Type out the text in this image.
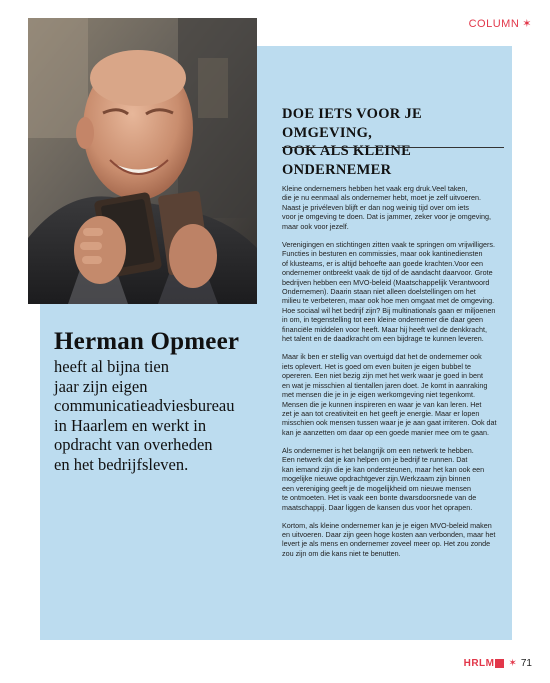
COLUMN ✶

Herman Opmeer

heeft al bijna tien
jaar zijn eigen
communicatieadviesbureau
in Haarlem en werkt in
opdracht van overheden
en het bedrijfsleven.

DOE IETS VOOR JE OMGEVING,
OOK ALS KLEINE ONDERNEMER

Kleine ondernemers hebben het vaak erg druk.Veel taken,
die je nu eenmaal als ondernemer hebt, moet je zelf uitvoeren.
Naast je privéleven blijft er dan nog weinig tijd over om iets
voor je omgeving te doen. Dat is jammer, zeker voor je omgeving,
maar ook voor jezelf.

Verenigingen en stichtingen zitten vaak te springen om vrijwilligers.
Functies in besturen en commissies, maar ook kantinediensten
of klusteams, er is altijd behoefte aan goede krachten.Voor een
ondernemer ontbreekt vaak de tijd of de aandacht daarvoor. Grote
bedrijven hebben een MVO-beleid (Maatschappelijk Verantwoord
Ondernemen). Daarin staan niet alleen doelstellingen om het
milieu te verbeteren, maar ook hoe men omgaat met de omgeving.
Hoe sociaal wil het bedrijf zijn? Bij multinationals gaan er miljoenen
in om, in tegenstelling tot een kleine ondernemer die daar geen
financiële middelen voor heeft. Maar hij heeft wel de denkkracht,
het talent en de daadkracht om een bijdrage te kunnen leveren.

Maar ik ben er stellig van overtuigd dat het de ondernemer ook
iets oplevert. Het is goed om even buiten je eigen bubbel te
opereren. Een niet bezig zijn met het werk waar je goed in bent
en wat je misschien al tientallen jaren doet. Je komt in aanraking
met mensen die je in je eigen werkomgeving niet tegenkomt.
Mensen die je kunnen inspireren en waar je van kan leren. Het
zet je aan tot creativiteit en het geeft je energie. Maar er lopen
misschien ook mensen tussen waar je je aan gaat irriteren. Ook dat
kan je aanzetten om daar op een goede manier mee om te gaan.

Als ondernemer is het belangrijk om een netwerk te hebben.
Een netwerk dat je kan helpen om je bedrijf te runnen. Dat
kan iemand zijn die je kan ondersteunen, maar het kan ook een
mogelijke nieuwe opdrachtgever zijn.Werkzaam zijn binnen
een vereniging geeft je de mogelijkheid om nieuwe mensen
te ontmoeten. Het is vaak een bonte dwarsdoorsnede van de
maatschappij. Daar liggen de kansen dus voor het oprapen.

Kortom, als kleine ondernemer kan je je eigen MVO-beleid maken
en uitvoeren. Daar zijn geen hoge kosten aan verbonden, maar het
levert je als mens en ondernemer zoveel meer op. Het zou zonde
zou zijn om die kans niet te benutten.

HRLM	✶ 71
